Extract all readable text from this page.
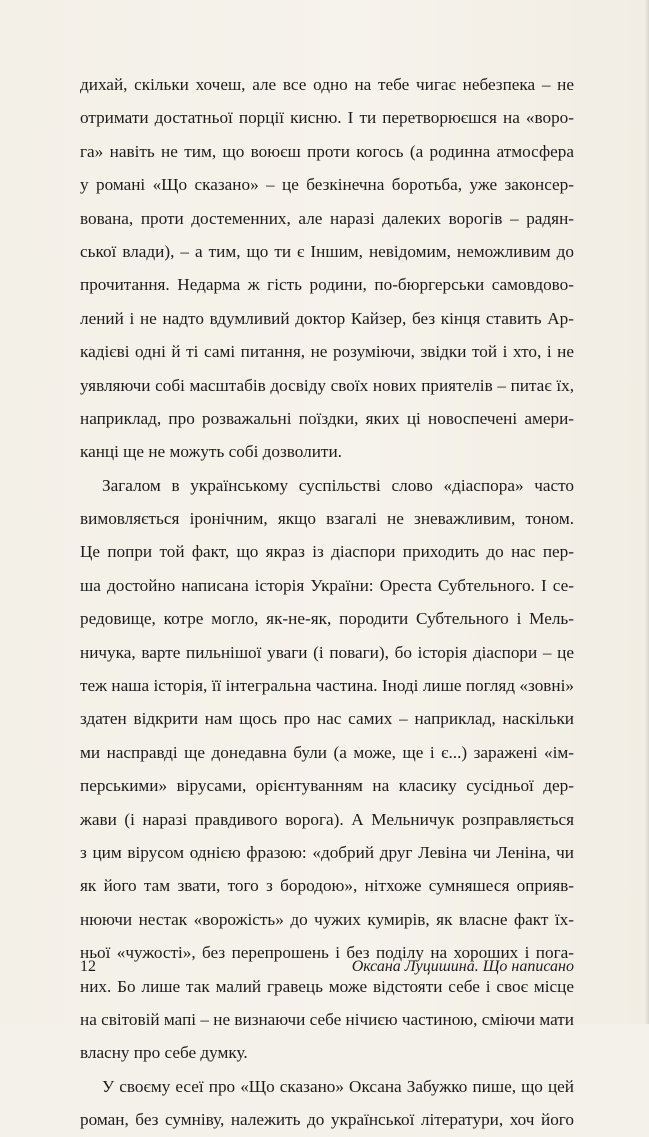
дихай, скільки хочеш, але все одно на тебе чигає небезпека – не
отримати достатньої порції кисню. І ти перетворюєшся на «воро-
га» навіть не тим, що воюєш проти когось (а родинна атмосфера
у романі «Що сказано» – це безкінечна боротьба, уже законсер-
вована, проти достеменних, але наразі далеких ворогів – радян-
ської влади), – а тим, що ти є Іншим, невідомим, неможливим до
прочитання. Недарма ж гість родини, по-бюргерськи самовдово-
лений і не надто вдумливий доктор Кайзер, без кінця ставить Ар-
кадієві одні й ті самі питання, не розуміючи, звідки той і хто, і не
уявляючи собі масштабів досвіду своїх нових приятелів – питає їх,
наприклад, про розважальні поїздки, яких ці новоспечені амери-
канці ще не можуть собі дозволити.
Загалом в українському суспільстві слово «діаспора» часто
вимовляється іронічним, якщо взагалі не зневажливим, тоном.
Це попри той факт, що якраз із діаспори приходить до нас пер-
ша достойно написана історія України: Ореста Субтельного. І се-
редовище, котре могло, як-не-як, породити Субтельного і Мель-
ничука, варте пильнішої уваги (і поваги), бо історія діаспори – це
теж наша історія, її інтегральна частина. Іноді лише погляд «зовні»
здатен відкрити нам щось про нас самих – наприклад, наскільки
ми насправді ще донедавна були (а може, ще і є...) заражені «ім-
перськими» вірусами, орієнтуванням на класику сусідньої дер-
жави (і наразі правдивого ворога). А Мельничук розправляється
з цим вірусом однією фразою: «добрий друг Левіна чи Леніна, чи
як його там звати, того з бородою», нітхоже сумняшеся оприяв-
нюючи нестак «ворожість» до чужих кумирів, як власне факт їх-
ньої «чужості», без перепрошень і без поділу на хороших і пога-
них. Бо лише так малий гравець може відстояти себе і своє місце
на світовій мапі – не визнаючи себе нічиєю частиною, сміючи мати
власну про себе думку.
У своєму есеї про «Що сказано» Оксана Забужко пише, що цей
роман, без сумніву, належить до української літератури, хоч його
12	Оксана Луцишина. Що написано
